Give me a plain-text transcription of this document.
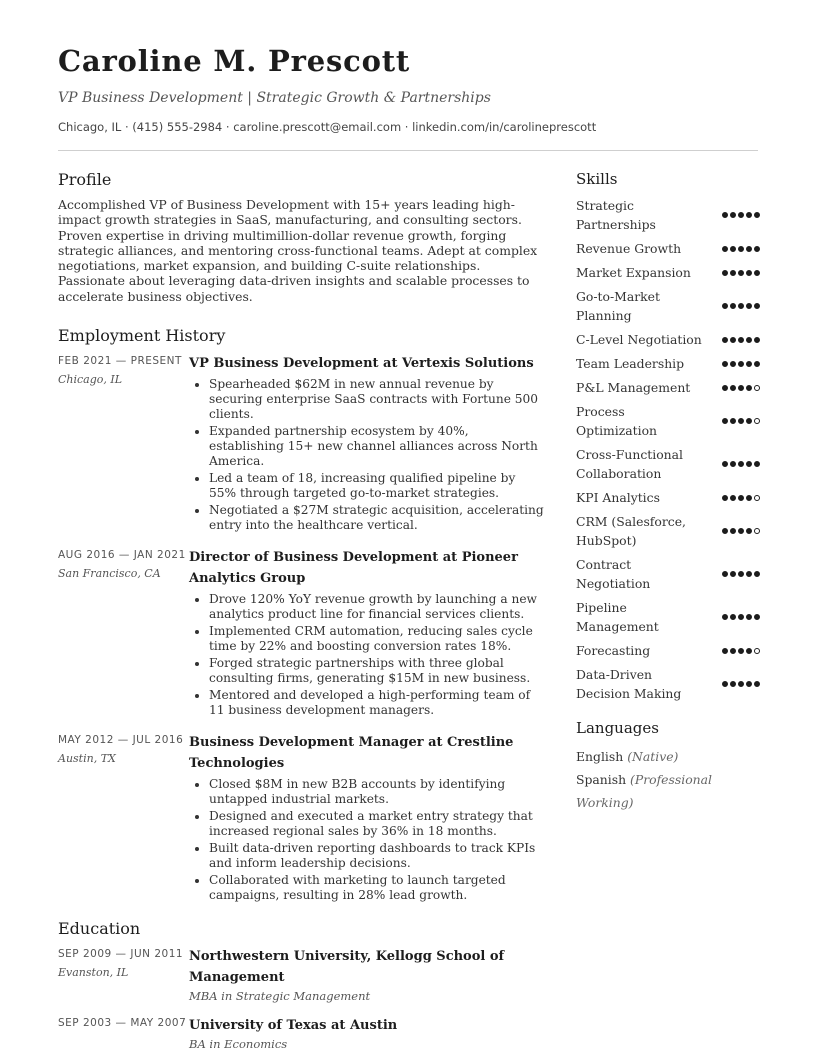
Caroline M. Prescott
VP Business Development | Strategic Growth & Partnerships
Chicago, IL · (415) 555-2984 · caroline.prescott@email.com · linkedin.com/in/carolineprescott
Profile

Accomplished VP of Business Development with 15+ years leading high-impact growth strategies in SaaS, manufacturing, and consulting sectors. Proven expertise in driving multimillion-dollar revenue growth, forging strategic alliances, and mentoring cross-functional teams. Adept at complex negotiations, market expansion, and building C-suite relationships. Passionate about leveraging data-driven insights and scalable processes to accelerate business objectives.

Employment History
FEB 2021 — PRESENT
Chicago, IL
VP Business Development at Vertexis Solutions
• Spearheaded $62M in new annual revenue by securing enterprise SaaS contracts with Fortune 500 clients.
• Expanded partnership ecosystem by 40%, establishing 15+ new channel alliances across North America.
• Led a team of 18, increasing qualified pipeline by 55% through targeted go-to-market strategies.
• Negotiated a $27M strategic acquisition, accelerating entry into the healthcare vertical.
AUG 2016 — JAN 2021
San Francisco, CA
Director of Business Development at Pioneer Analytics Group
• Drove 120% YoY revenue growth by launching a new analytics product line for financial services clients.
• Implemented CRM automation, reducing sales cycle time by 22% and boosting conversion rates 18%.
• Forged strategic partnerships with three global consulting firms, generating $15M in new business.
• Mentored and developed a high-performing team of 11 business development managers.
MAY 2012 — JUL 2016
Austin, TX
Business Development Manager at Crestline Technologies
• Closed $8M in new B2B accounts by identifying untapped industrial markets.
• Designed and executed a market entry strategy that increased regional sales by 36% in 18 months.
• Built data-driven reporting dashboards to track KPIs and inform leadership decisions.
• Collaborated with marketing to launch targeted campaigns, resulting in 28% lead growth.
Education
SEP 2009 — JUN 2011
Evanston, IL
Northwestern University, Kellogg School of Management
MBA in Strategic Management
SEP 2003 — MAY 2007 University of Texas at Austin
BA in Economics
Skills
Strategic Partnerships
Revenue Growth
Market Expansion
Go-to-Market Planning
C-Level Negotiation
Team Leadership
P&L Management
Process Optimization
Cross-Functional Collaboration
KPI Analytics
CRM (Salesforce, HubSpot)
Contract Negotiation
Pipeline Management
Forecasting
Data-Driven Decision Making
Languages
English (Native)
Spanish (Professional Working)
